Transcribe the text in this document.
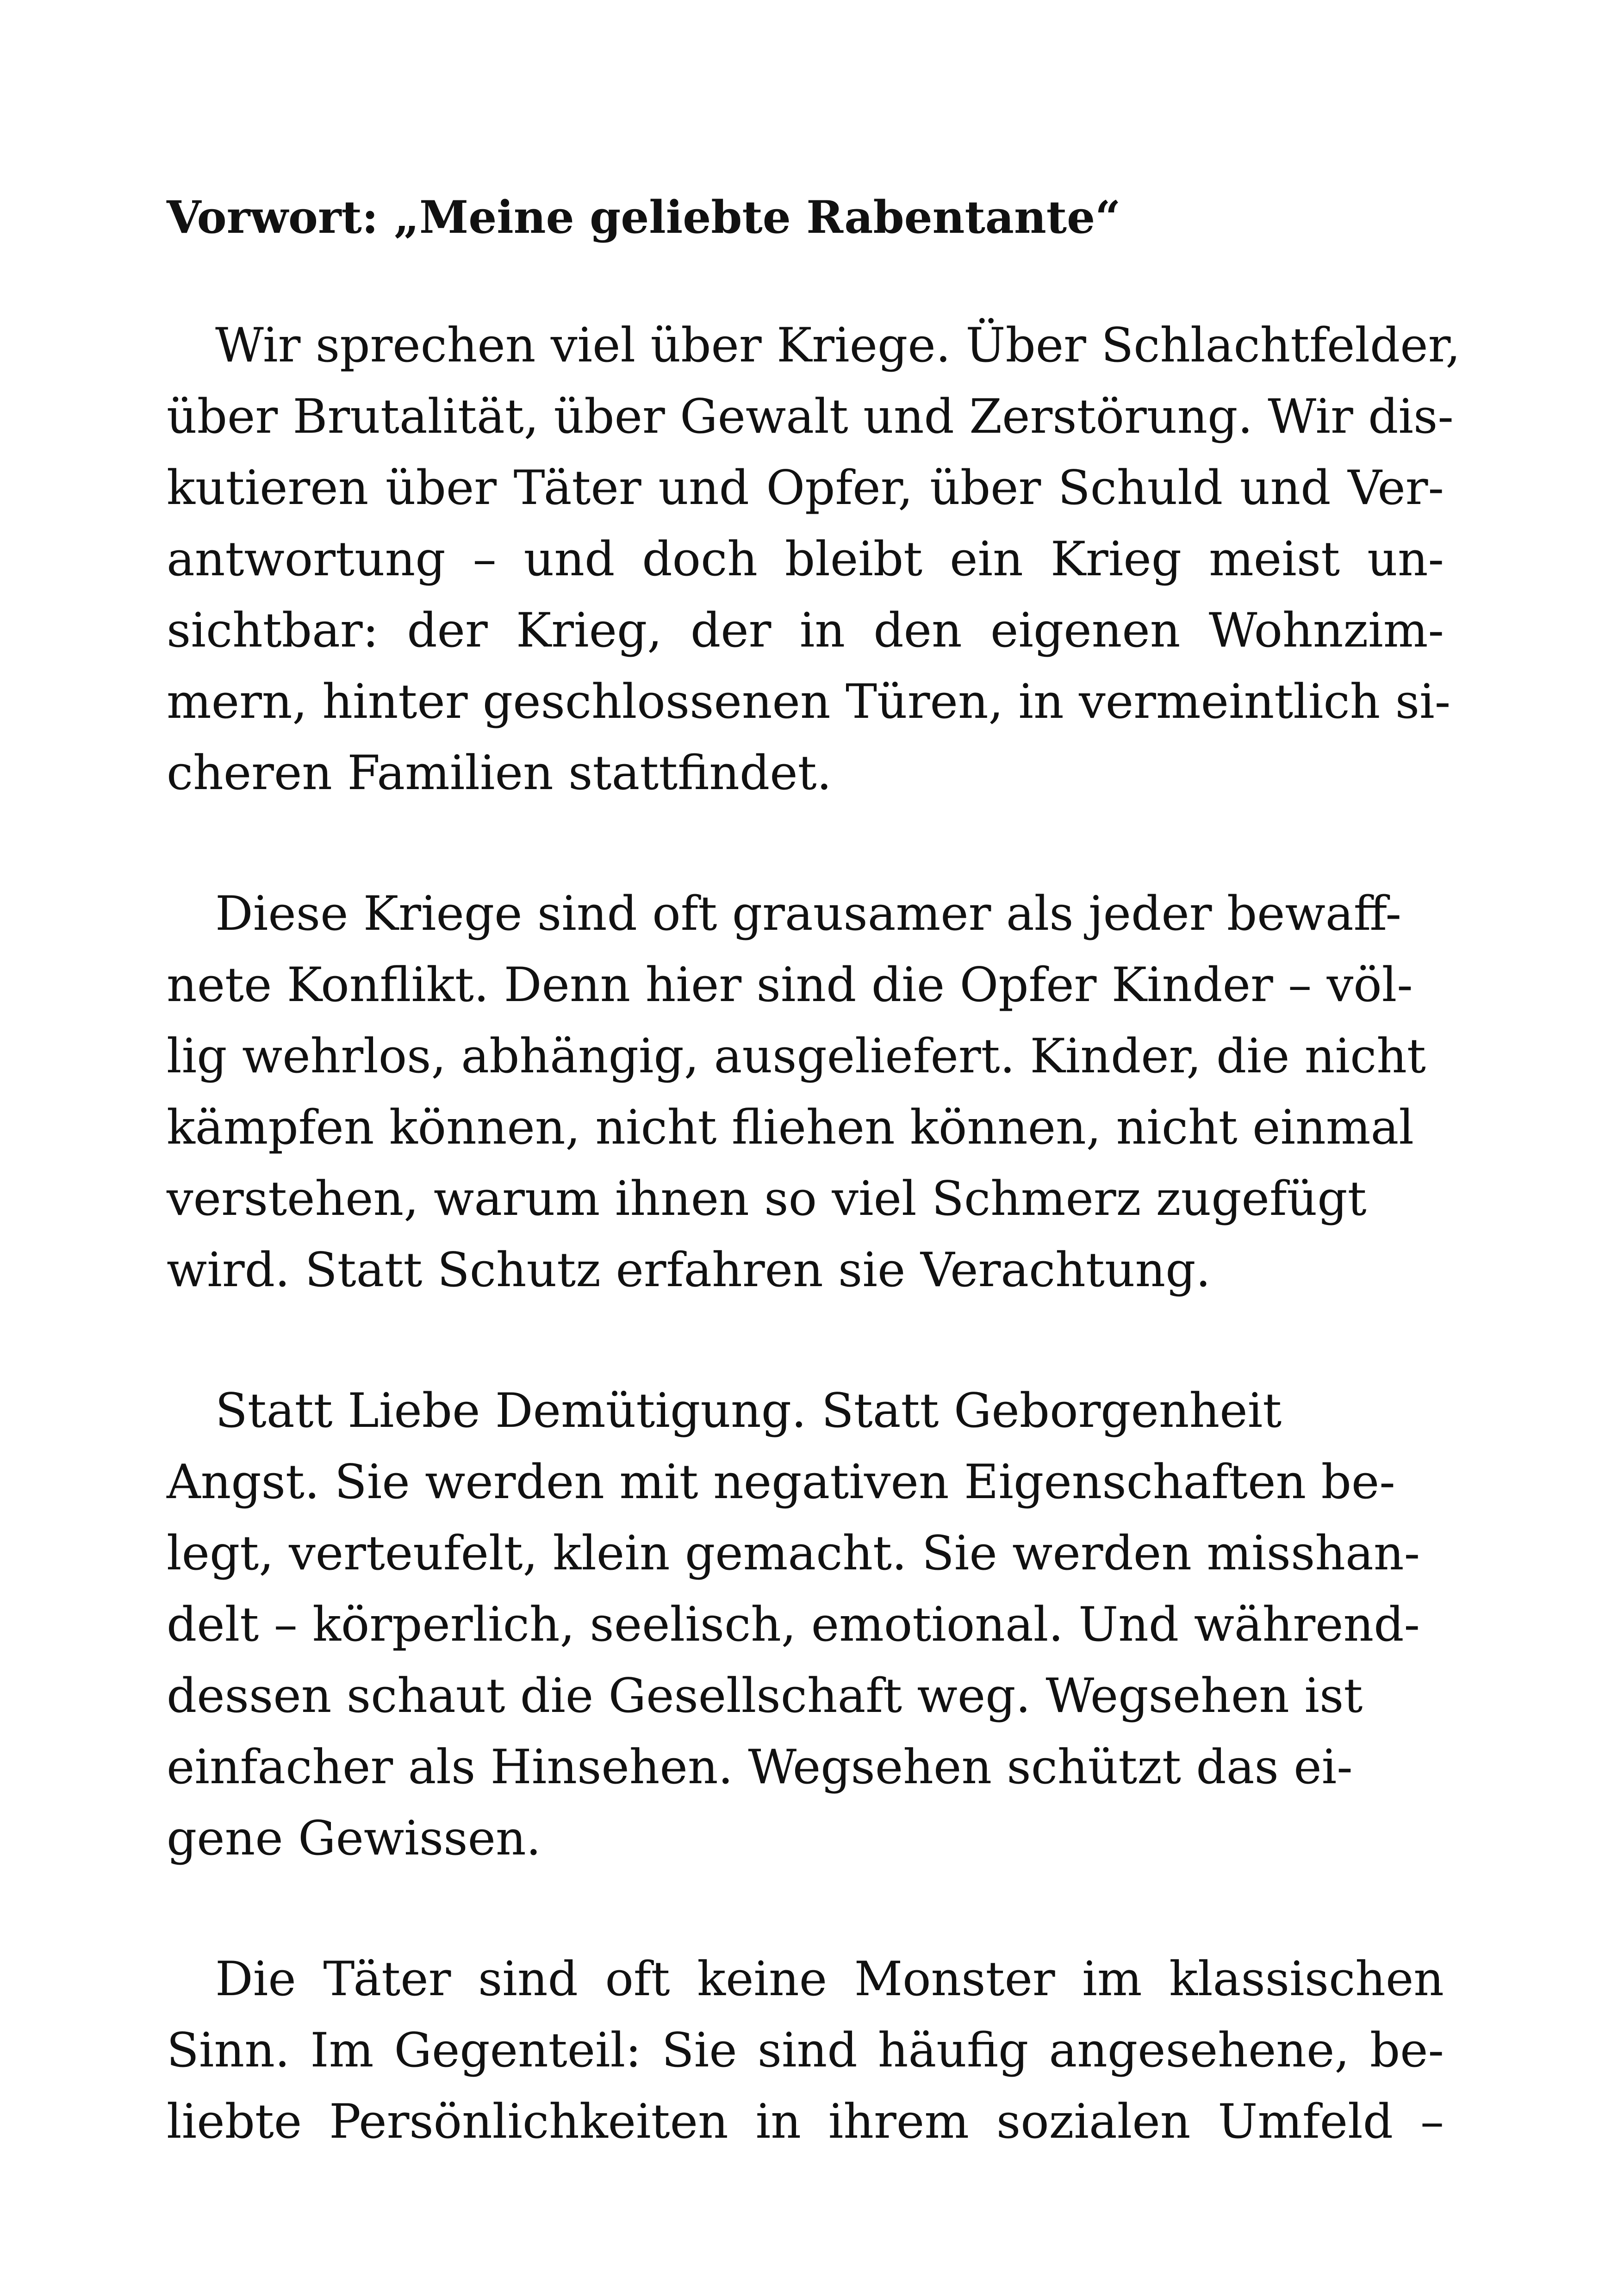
Vorwort: „Meine geliebte Rabentante“
Wir sprechen viel über Kriege. Über Schlachtfelder,
über Brutalität, über Gewalt und Zerstörung. Wir dis-
kutieren über Täter und Opfer, über Schuld und Ver-
antwortung – und doch bleibt ein Krieg meist un-
sichtbar: der Krieg, der in den eigenen Wohnzim-
mern, hinter geschlossenen Türen, in vermeintlich si-
cheren Familien stattfindet.
Diese Kriege sind oft grausamer als jeder bewaff-
nete Konflikt. Denn hier sind die Opfer Kinder – völ-
lig wehrlos, abhängig, ausgeliefert. Kinder, die nicht
kämpfen können, nicht fliehen können, nicht einmal
verstehen, warum ihnen so viel Schmerz zugefügt
wird. Statt Schutz erfahren sie Verachtung.
Statt Liebe Demütigung. Statt Geborgenheit
Angst. Sie werden mit negativen Eigenschaften be-
legt, verteufelt, klein gemacht. Sie werden misshan-
delt – körperlich, seelisch, emotional. Und während-
dessen schaut die Gesellschaft weg. Wegsehen ist
einfacher als Hinsehen. Wegsehen schützt das ei-
gene Gewissen.
Die Täter sind oft keine Monster im klassischen
Sinn. Im Gegenteil: Sie sind häufig angesehene, be-
liebte Persönlichkeiten in ihrem sozialen Umfeld –
